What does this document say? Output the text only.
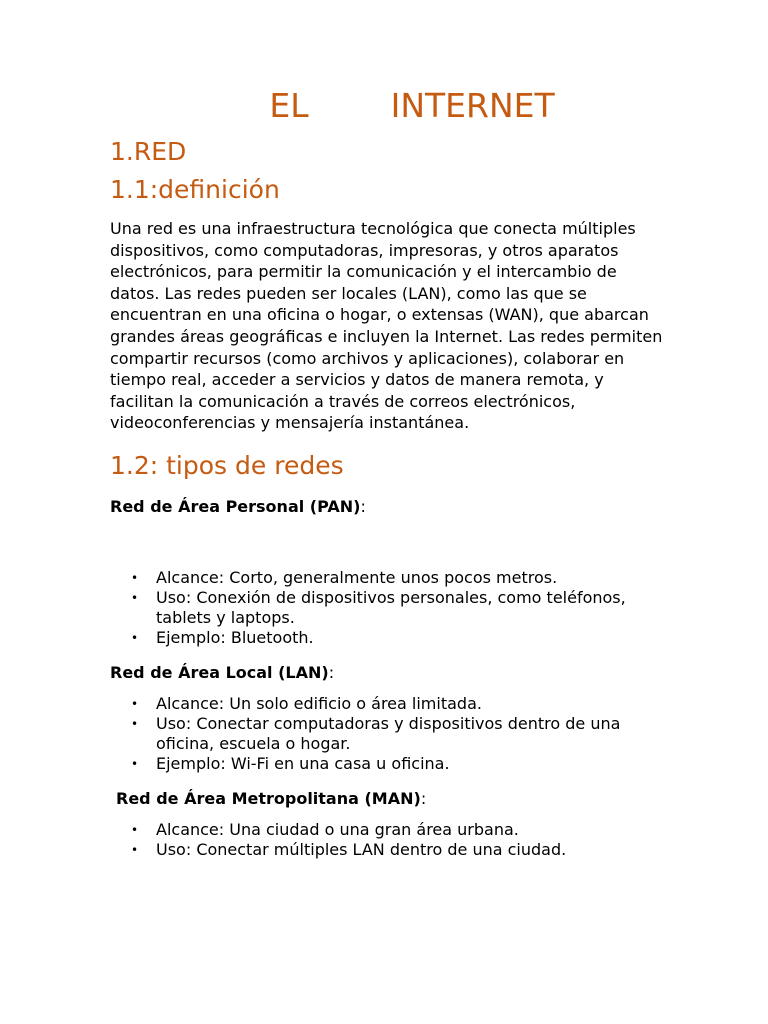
EL INTERNET
1.RED
1.1:definición

Una red es una infraestructura tecnológica que conecta múltiples dispositivos, como computadoras, impresoras, y otros aparatos electrónicos, para permitir la comunicación y el intercambio de datos. Las redes pueden ser locales (LAN), como las que se encuentran en una oficina o hogar, o extensas (WAN), que abarcan grandes áreas geográficas e incluyen la Internet. Las redes permiten compartir recursos (como archivos y aplicaciones), colaborar en tiempo real, acceder a servicios y datos de manera remota, y facilitan la comunicación a través de correos electrónicos, videoconferencias y mensajería instantánea.

1.2: tipos de redes

Red de Área Personal (PAN):

• Alcance: Corto, generalmente unos pocos metros.
• Uso: Conexión de dispositivos personales, como teléfonos, tablets y laptops.
• Ejemplo: Bluetooth.

Red de Área Local (LAN):

• Alcance: Un solo edificio o área limitada.
• Uso: Conectar computadoras y dispositivos dentro de una oficina, escuela o hogar.
• Ejemplo: Wi-Fi en una casa u oficina.

Red de Área Metropolitana (MAN):

• Alcance: Una ciudad o una gran área urbana.
• Uso: Conectar múltiples LAN dentro de una ciudad.
